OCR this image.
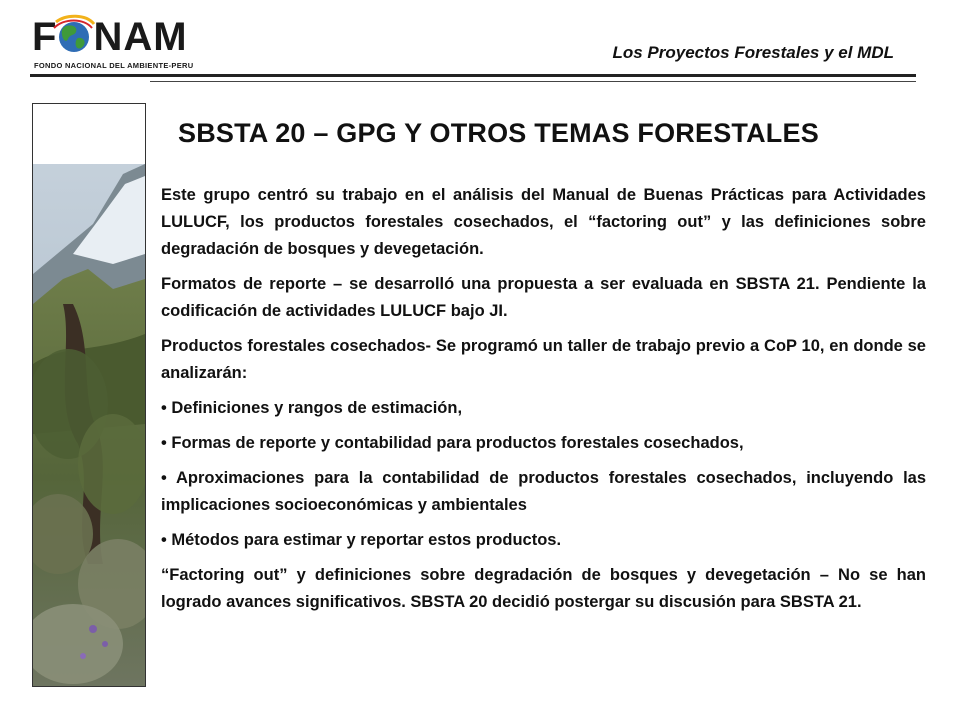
F NAM
FONDO NACIONAL DEL AMBIENTE-PERU
Los Proyectos Forestales y el MDL
SBSTA 20 – GPG Y OTROS TEMAS FORESTALES

Este grupo centró su trabajo en el análisis del Manual de Buenas Prácticas para Actividades LULUCF, los productos forestales cosechados, el “factoring out” y las definiciones sobre degradación de bosques y devegetación.

Formatos de reporte – se desarrolló una propuesta a ser evaluada en SBSTA 21. Pendiente la codificación de actividades LULUCF bajo JI.

Productos forestales cosechados- Se programó un taller de trabajo previo a CoP 10, en donde se analizarán:

• Definiciones y rangos de estimación,

• Formas de reporte y contabilidad para productos forestales cosechados,

• Aproximaciones para la contabilidad de productos forestales cosechados, incluyendo las implicaciones socioeconómicas y ambientales

• Métodos para estimar y reportar estos productos.

“Factoring out” y definiciones sobre degradación de bosques y devegetación – No se han logrado avances significativos. SBSTA 20 decidió postergar su discusión para SBSTA 21.
